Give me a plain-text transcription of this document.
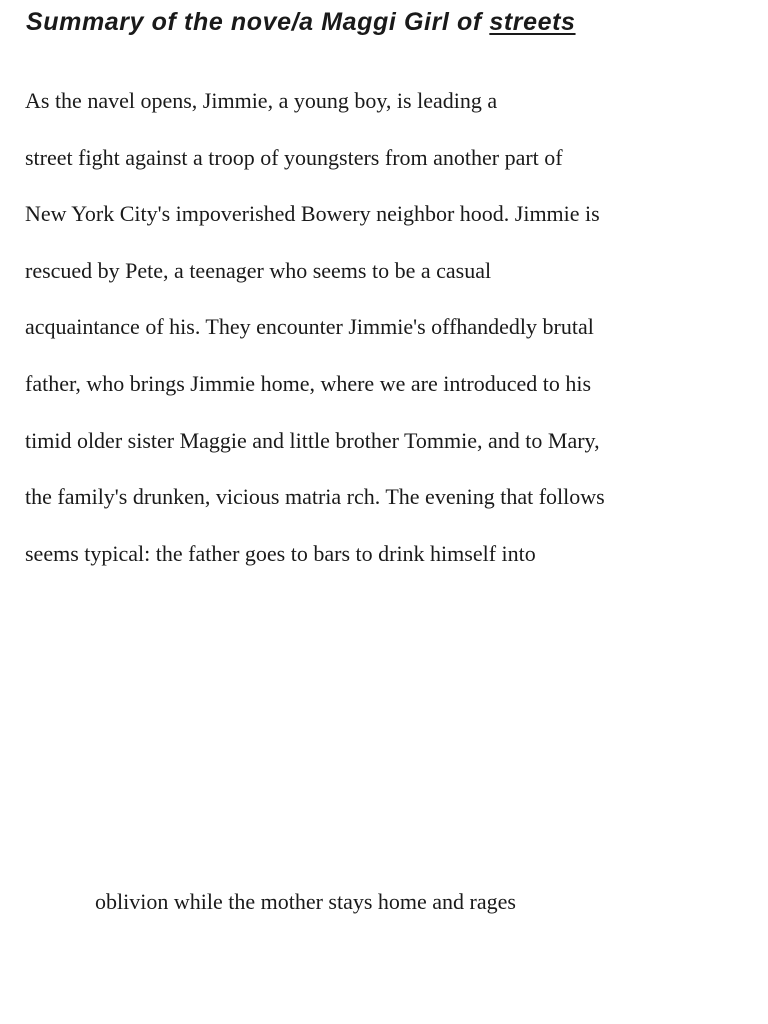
Summary of the nove/a Maggi Girl of streets
As the navel opens, Jimmie, a young boy, is leading a
street fight against a troop of youngsters from another part of
New York City's impoverished Bowery neighbor hood. Jimmie is
rescued by Pete, a teenager who seems to be a casual
acquaintance of his. They encounter Jimmie's offhandedly brutal
father, who brings Jimmie home, where we are introduced to his
timid older sister Maggie and little brother Tommie, and to Mary,
the family's drunken, vicious matria rch. The evening that follows
seems typical: the father goes to bars to drink himself into
oblivion while the mother stays home and rages
